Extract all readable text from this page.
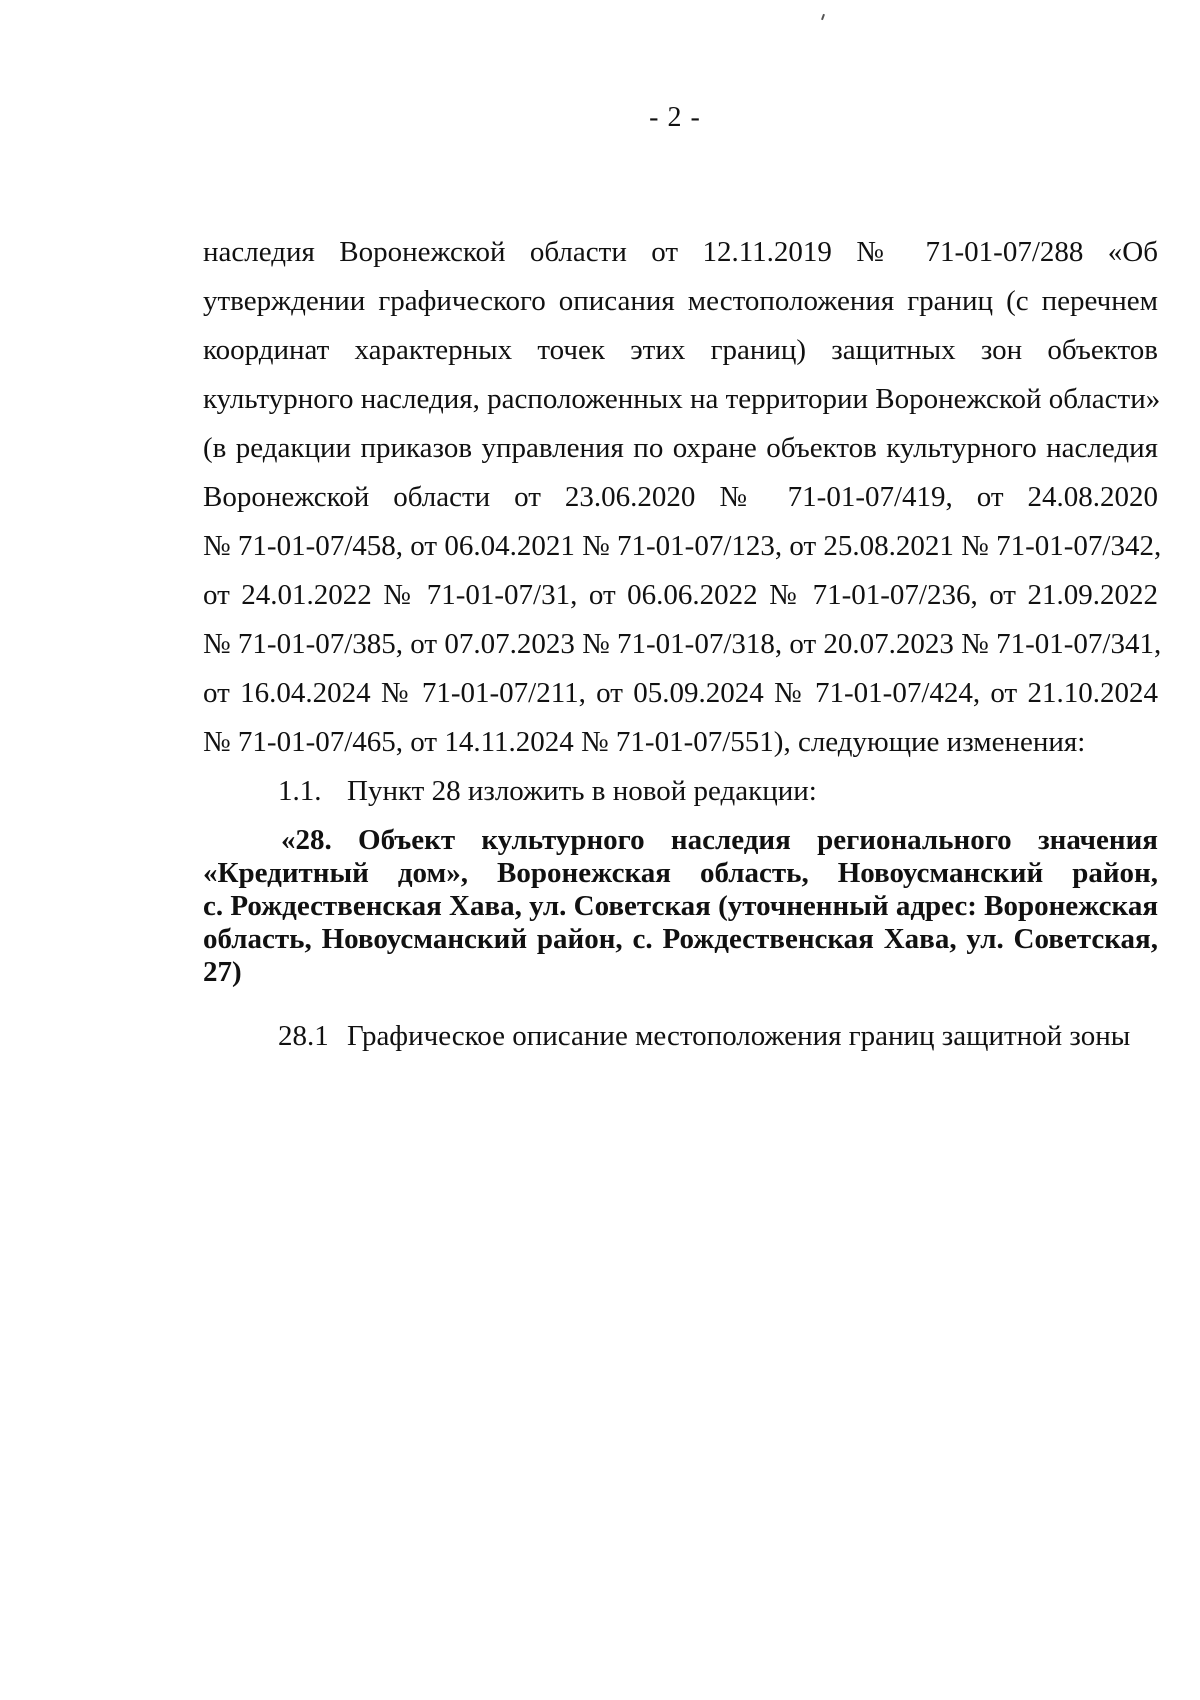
- 2 -

наследия Воронежской области от 12.11.2019 № 71-01-07/288 «Об
утверждении графического описания местоположения границ (с перечнем
координат характерных точек этих границ) защитных зон объектов
культурного наследия, расположенных на территории Воронежской области»
(в редакции приказов управления по охране объектов культурного наследия
Воронежской области от 23.06.2020 № 71-01-07/419, от 24.08.2020
№ 71-01-07/458, от 06.04.2021 № 71-01-07/123, от 25.08.2021 № 71-01-07/342,
от 24.01.2022 № 71-01-07/31, от 06.06.2022 № 71-01-07/236, от 21.09.2022
№ 71-01-07/385, от 07.07.2023 № 71-01-07/318, от 20.07.2023 № 71-01-07/341,
от 16.04.2024 № 71-01-07/211, от 05.09.2024 № 71-01-07/424, от 21.10.2024
№ 71-01-07/465, от 14.11.2024 № 71-01-07/551), следующие изменения:

1.1. Пункт 28 изложить в новой редакции:

«28. Объект культурного наследия регионального значения
«Кредитный дом», Воронежская область, Новоусманский район,
с. Рождественская Хава, ул. Советская (уточненный адрес: Воронежская
область, Новоусманский район, с. Рождественская Хава, ул. Советская,
27)

28.1 Графическое описание местоположения границ защитной зоны
